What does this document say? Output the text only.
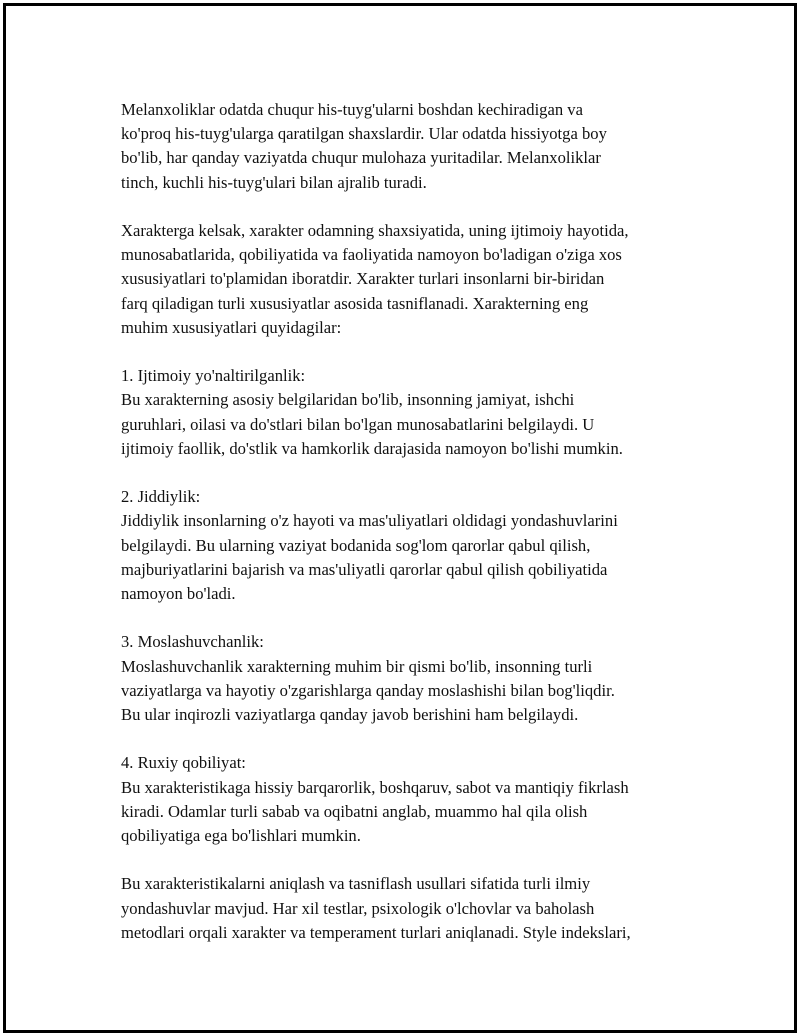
Melanxoliklar odatda chuqur his-tuyg'ularni boshdan kechiradigan va
ko'proq his-tuyg'ularga qaratilgan shaxslardir. Ular odatda hissiyotga boy
bo'lib, har qanday vaziyatda chuqur mulohaza yuritadilar. Melanxoliklar
tinch, kuchli his-tuyg'ulari bilan ajralib turadi.

Xarakterga kelsak, xarakter odamning shaxsiyatida, uning ijtimoiy hayotida,
munosabatlarida, qobiliyatida va faoliyatida namoyon bo'ladigan o'ziga xos
xususiyatlari to'plamidan iboratdir. Xarakter turlari insonlarni bir-biridan
farq qiladigan turli xususiyatlar asosida tasniflanadi. Xarakterning eng
muhim xususiyatlari quyidagilar:

1. Ijtimoiy yo'naltirilganlik:
Bu xarakterning asosiy belgilaridan bo'lib, insonning jamiyat, ishchi
guruhlari, oilasi va do'stlari bilan bo'lgan munosabatlarini belgilaydi. U
ijtimoiy faollik, do'stlik va hamkorlik darajasida namoyon bo'lishi mumkin.

2. Jiddiylik:
Jiddiylik insonlarning o'z hayoti va mas'uliyatlari oldidagi yondashuvlarini
belgilaydi. Bu ularning vaziyat bodanida sog'lom qarorlar qabul qilish,
majburiyatlarini bajarish va mas'uliyatli qarorlar qabul qilish qobiliyatida
namoyon bo'ladi.

3. Moslashuvchanlik:
Moslashuvchanlik xarakterning muhim bir qismi bo'lib, insonning turli
vaziyatlarga va hayotiy o'zgarishlarga qanday moslashishi bilan bog'liqdir.
Bu ular inqirozli vaziyatlarga qanday javob berishini ham belgilaydi.

4. Ruxiy qobiliyat:
Bu xarakteristikaga hissiy barqarorlik, boshqaruv, sabot va mantiqiy fikrlash
kiradi. Odamlar turli sabab va oqibatni anglab, muammo hal qila olish
qobiliyatiga ega bo'lishlari mumkin.

Bu xarakteristikalarni aniqlash va tasniflash usullari sifatida turli ilmiy
yondashuvlar mavjud. Har xil testlar, psixologik o'lchovlar va baholash
metodlari orqali xarakter va temperament turlari aniqlanadi. Style indekslari,
